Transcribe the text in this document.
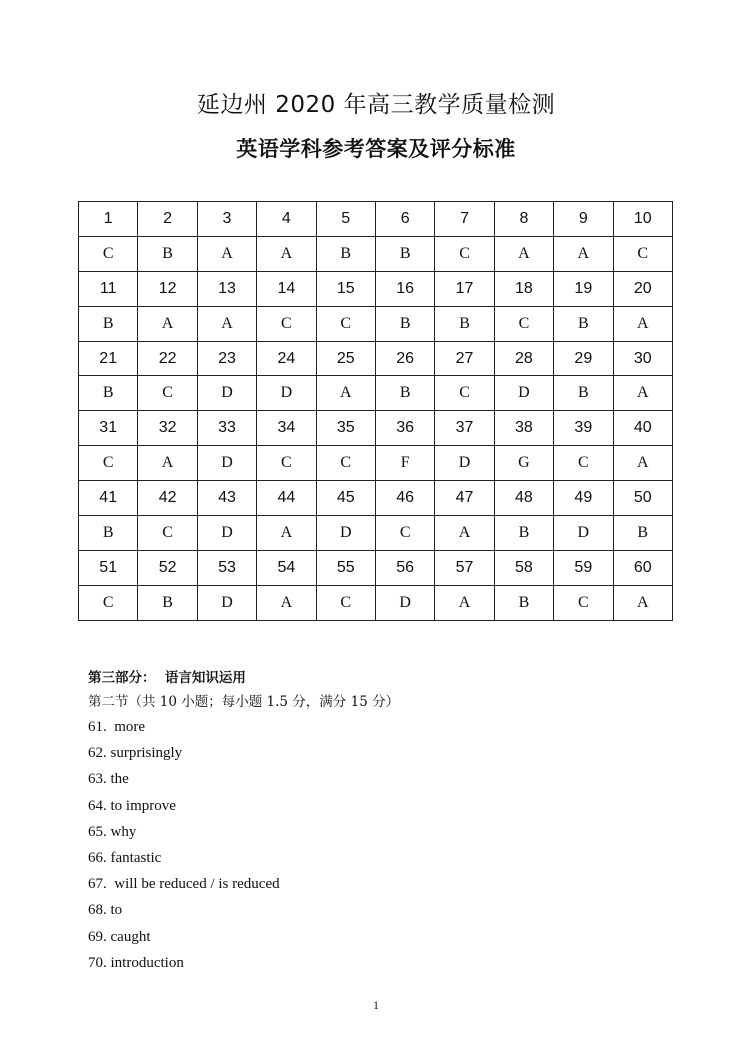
延边州 2020 年高三教学质量检测
英语学科参考答案及评分标准
1	2	3	4	5	6	7	8	9	10
C	B	A	A	B	B	C	A	A	C
11	12	13	14	15	16	17	18	19	20
B	A	A	C	C	B	B	C	B	A
21	22	23	24	25	26	27	28	29	30
B	C	D	D	A	B	C	D	B	A
31	32	33	34	35	36	37	38	39	40
C	A	D	C	C	F	D	G	C	A
41	42	43	44	45	46	47	48	49	50
B	C	D	A	D	C	A	B	D	B
51	52	53	54	55	56	57	58	59	60
C	B	D	A	C	D	A	B	C	A
第三部分：  语言知识运用
第二节（共 10 小题；每小题 1.5 分，满分 15 分）
61.  more
62. surprisingly
63. the
64. to improve
65. why
66. fantastic
67.  will be reduced / is reduced
68. to
69. caught
70. introduction
1
